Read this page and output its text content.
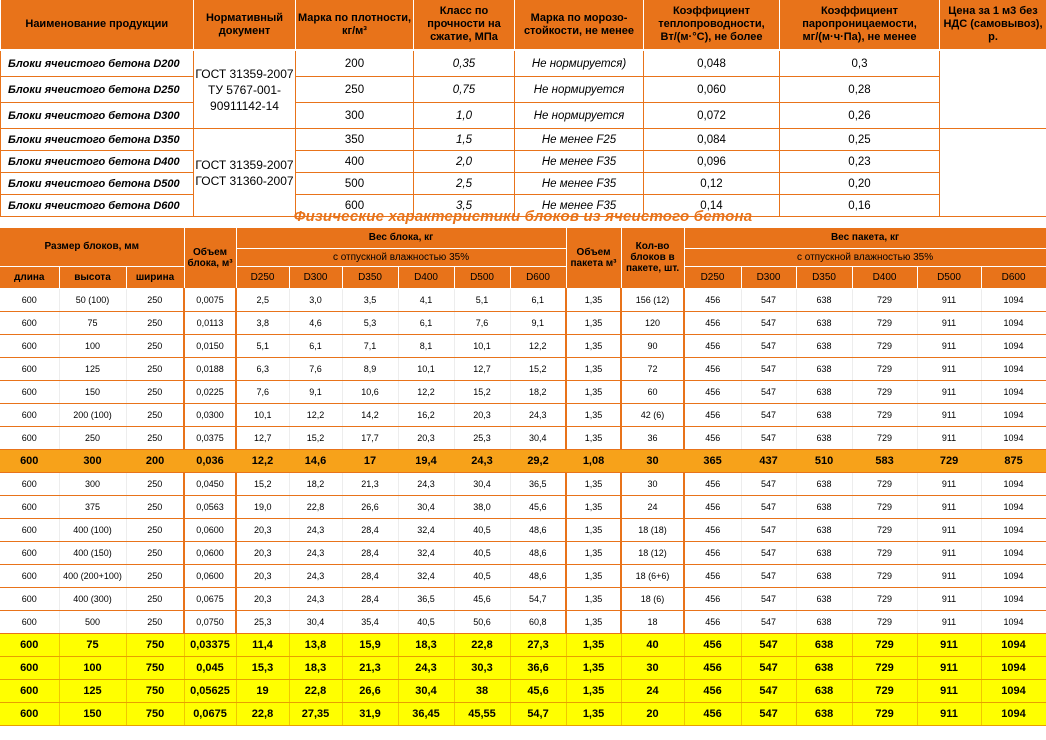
Наименование продукции	Нормативный документ	Марка по плотности, кг/м³	Класс по прочности на сжатие, МПа	Марка по морозо-стойкости, не менее	Коэффициент теплопроводности, Вт/(м·°С), не более	Коэффициент паропроницаемости, мг/(м·ч·Па), не менее	Цена за 1 м3 без НДС (самовывоз), р.
Блоки ячеистого бетона D200	ГОСТ 31359-2007 ТУ 5767-001-90911142-14	200	0,35	Не нормируется)	0,048	0,3	
Блоки ячеистого бетона D250		250	0,75	Не нормируется	0,060	0,28	
Блоки ячеистого бетона D300		300	1,0	Не нормируется	0,072	0,26	
Блоки ячеистого бетона D350	ГОСТ 31359-2007 ГОСТ 31360-2007	350	1,5	Не менее F25	0,084	0,25	
Блоки ячеистого бетона D400		400	2,0	Не менее F35	0,096	0,23	
Блоки ячеистого бетона D500		500	2,5	Не менее F35	0,12	0,20	
Блоки ячеистого бетона D600		600	3,5	Не менее F35	0,14	0,16	
Физические характеристики блоков из ячеистого бетона
Размер блоков, мм			Объем блока, м³	Вес блока, кг						Объем пакета м³	Кол-во блоков в пакете, шт.	Вес пакета, кг					
				с отпускной влажностью 35%								с отпускной влажностью 35%					
длина	высота	ширина		D250	D300	D350	D400	D500	D600			D250	D300	D350	D400	D500	D600
600	50 (100)	250	0,0075	2,5	3,0	3,5	4,1	5,1	6,1	1,35	156 (12)	456	547	638	729	911	1094
600	75	250	0,0113	3,8	4,6	5,3	6,1	7,6	9,1	1,35	120	456	547	638	729	911	1094
600	100	250	0,0150	5,1	6,1	7,1	8,1	10,1	12,2	1,35	90	456	547	638	729	911	1094
600	125	250	0,0188	6,3	7,6	8,9	10,1	12,7	15,2	1,35	72	456	547	638	729	911	1094
600	150	250	0,0225	7,6	9,1	10,6	12,2	15,2	18,2	1,35	60	456	547	638	729	911	1094
600	200 (100)	250	0,0300	10,1	12,2	14,2	16,2	20,3	24,3	1,35	42 (6)	456	547	638	729	911	1094
600	250	250	0,0375	12,7	15,2	17,7	20,3	25,3	30,4	1,35	36	456	547	638	729	911	1094
600	300	200	0,036	12,2	14,6	17	19,4	24,3	29,2	1,08	30	365	437	510	583	729	875
600	300	250	0,0450	15,2	18,2	21,3	24,3	30,4	36,5	1,35	30	456	547	638	729	911	1094
600	375	250	0,0563	19,0	22,8	26,6	30,4	38,0	45,6	1,35	24	456	547	638	729	911	1094
600	400 (100)	250	0,0600	20,3	24,3	28,4	32,4	40,5	48,6	1,35	18 (18)	456	547	638	729	911	1094
600	400 (150)	250	0,0600	20,3	24,3	28,4	32,4	40,5	48,6	1,35	18 (12)	456	547	638	729	911	1094
600	400 (200+100)	250	0,0600	20,3	24,3	28,4	32,4	40,5	48,6	1,35	18 (6+6)	456	547	638	729	911	1094
600	400 (300)	250	0,0675	20,3	24,3	28,4	36,5	45,6	54,7	1,35	18 (6)	456	547	638	729	911	1094
600	500	250	0,0750	25,3	30,4	35,4	40,5	50,6	60,8	1,35	18	456	547	638	729	911	1094
600	75	750	0,03375	11,4	13,8	15,9	18,3	22,8	27,3	1,35	40	456	547	638	729	911	1094
600	100	750	0,045	15,3	18,3	21,3	24,3	30,3	36,6	1,35	30	456	547	638	729	911	1094
600	125	750	0,05625	19	22,8	26,6	30,4	38	45,6	1,35	24	456	547	638	729	911	1094
600	150	750	0,0675	22,8	27,35	31,9	36,45	45,55	54,7	1,35	20	456	547	638	729	911	1094
